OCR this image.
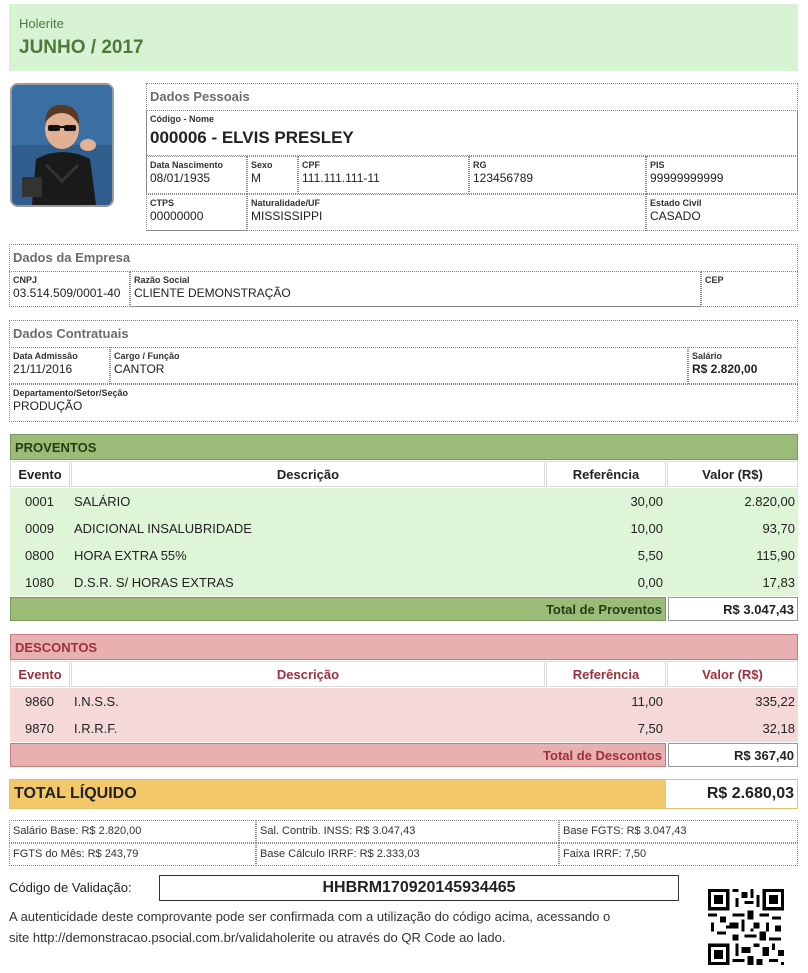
Holerite
JUNHO / 2017
Dados Pessoais
Código - Nome
000006 - ELVIS PRESLEY
Data Nascimento
08/01/1935
Sexo
M
CPF
111.111.111-11
RG
123456789
PIS
99999999999
CTPS
00000000
Naturalidade/UF
MISSISSIPPI
Estado Civil
CASADO
Dados da Empresa
CNPJ
03.514.509/0001-40
Razão Social
CLIENTE DEMONSTRAÇÃO
CEP
Dados Contratuais
Data Admissão
21/11/2016
Cargo / Função
CANTOR
Salário
R$ 2.820,00
Departamento/Setor/Seção
PRODUÇÃO
PROVENTOS
Evento	Descrição	Referência	Valor (R$)
0001 SALÁRIO	30,00	2.820,00
0009 ADICIONAL INSALUBRIDADE	10,00	93,70
0800 HORA EXTRA 55%	5,50	115,90
1080 D.S.R. S/ HORAS EXTRAS	0,00	17,83
Total de Proventos	R$ 3.047,43
DESCONTOS
Evento	Descrição	Referência	Valor (R$)
9860 I.N.S.S.	11,00	335,22
9870 I.R.R.F.	7,50	32,18
Total de Descontos	R$ 367,40
TOTAL LÍQUIDO	R$ 2.680,03
Salário Base: R$ 2.820,00	Sal. Contrib. INSS: R$ 3.047,43	Base FGTS: R$ 3.047,43
FGTS do Mês: R$ 243,79	Base Cálculo IRRF: R$ 2.333,03	Faixa IRRF: 7,50
Código de Validação:	HHBRM170920145934465
A autenticidade deste comprovante pode ser confirmada com a utilização do código acima, acessando o
site http://demonstracao.psocial.com.br/validaholerite ou através do QR Code ao lado.
